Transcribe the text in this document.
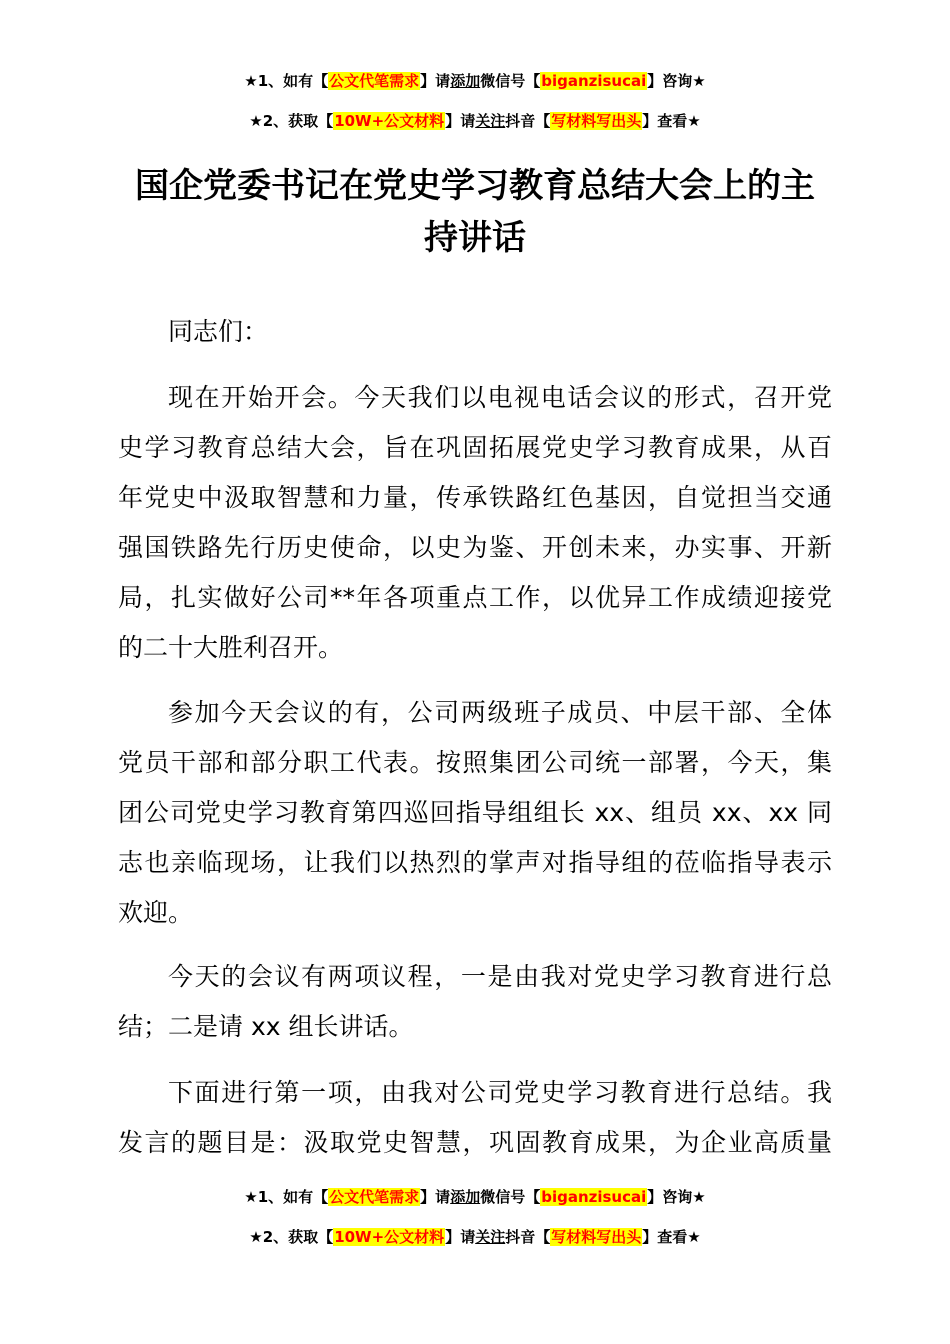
★1、如有【公文代笔需求】请添加微信号【biganzisucai】咨询★
★2、获取【10W+公文材料】请关注抖音【写材料写出头】查看★
国企党委书记在党史学习教育总结大会上的主
持讲话

同志们：

现在开始开会。今天我们以电视电话会议的形式，召开党
史学习教育总结大会，旨在巩固拓展党史学习教育成果，从百
年党史中汲取智慧和力量，传承铁路红色基因，自觉担当交通
强国铁路先行历史使命，以史为鉴、开创未来，办实事、开新
局，扎实做好公司**年各项重点工作，以优异工作成绩迎接党
的二十大胜利召开。

参加今天会议的有，公司两级班子成员、中层干部、全体
党员干部和部分职工代表。按照集团公司统一部署，今天，集
团公司党史学习教育第四巡回指导组组长 xx、组员 xx、xx 同
志也亲临现场，让我们以热烈的掌声对指导组的莅临指导表示
欢迎。

今天的会议有两项议程，一是由我对党史学习教育进行总
结；二是请 xx 组长讲话。

下面进行第一项，由我对公司党史学习教育进行总结。我
发言的题目是：汲取党史智慧，巩固教育成果，为企业高质量

★1、如有【公文代笔需求】请添加微信号【biganzisucai】咨询★
★2、获取【10W+公文材料】请关注抖音【写材料写出头】查看★
